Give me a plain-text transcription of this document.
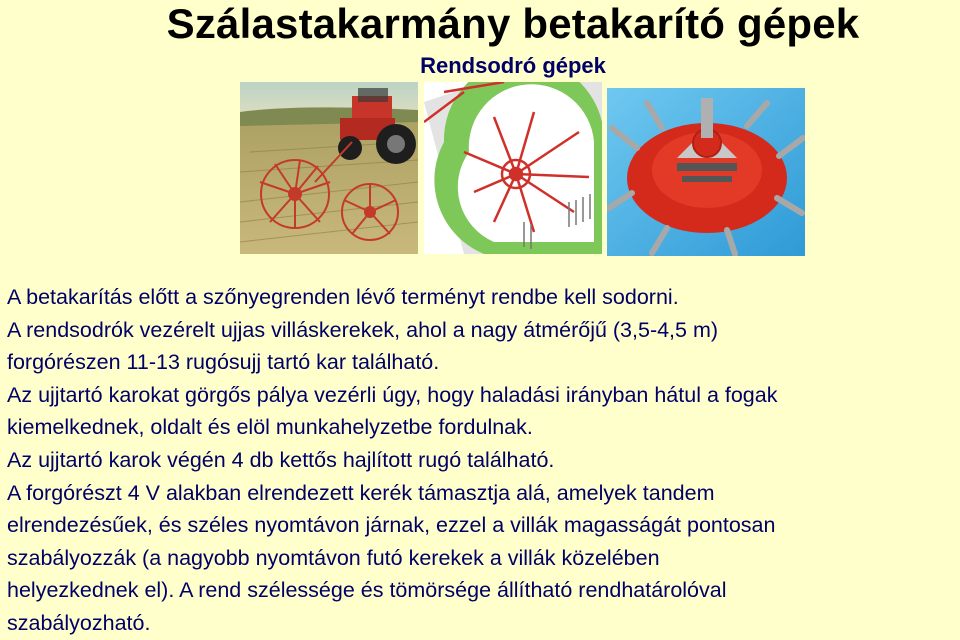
Szálastakarmány betakarító gépek
Rendsodró gépek
A betakarítás előtt a szőnyegrenden lévő terményt rendbe kell sodorni.
A rendsodrók vezérelt ujjas villáskerekek, ahol a nagy átmérőjű (3,5-4,5 m)
forgórészen 11-13 rugósujj tartó kar található.
Az ujjtartó karokat görgős pálya vezérli úgy, hogy haladási irányban hátul a fogak
kiemelkednek, oldalt és elöl munkahelyzetbe fordulnak.
Az ujjtartó karok végén 4 db kettős hajlított rugó található.
A forgórészt 4 V alakban elrendezett kerék támasztja alá, amelyek tandem
elrendezésűek, és széles nyomtávon járnak, ezzel a villák magasságát pontosan
szabályozzák (a nagyobb nyomtávon futó kerekek a villák közelében
helyezkednek el). A rend szélessége és tömörsége állítható rendhatárolóval
szabályozható.
